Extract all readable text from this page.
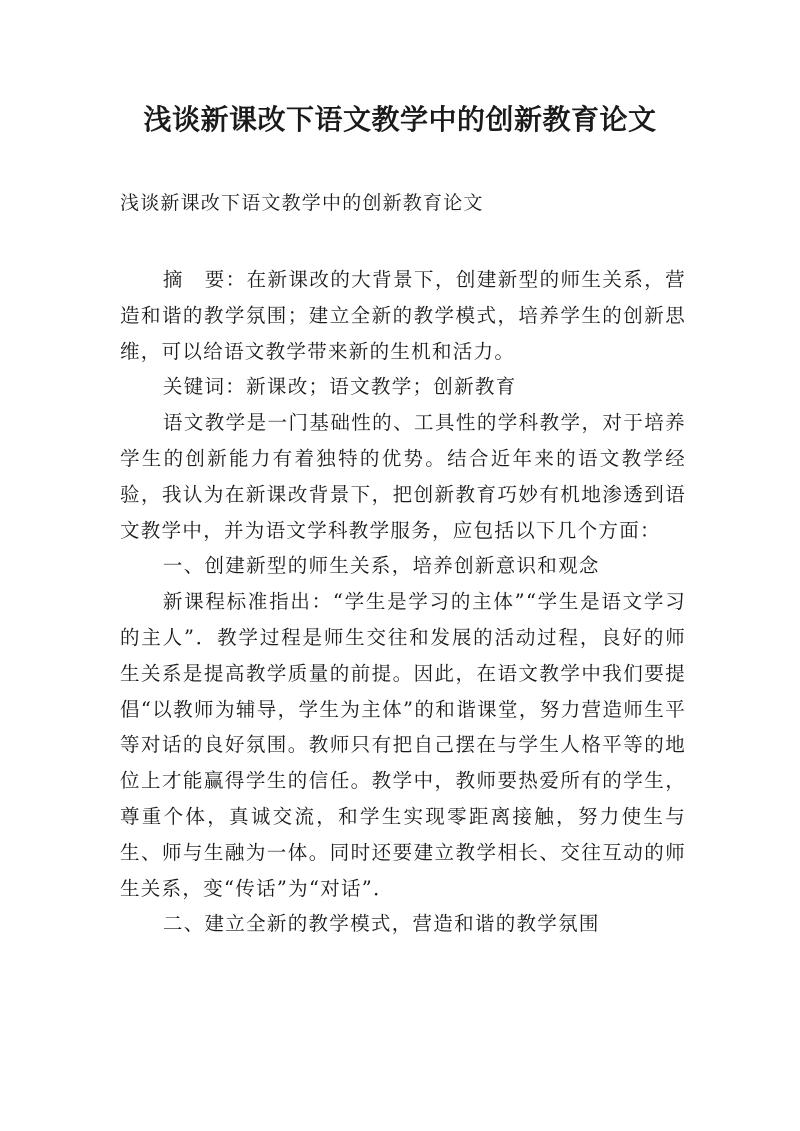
浅谈新课改下语文教学中的创新教育论文

浅谈新课改下语文教学中的创新教育论文

摘　要：在新课改的大背景下，创建新型的师生关系，营造和谐的教学氛围；建立全新的教学模式，培养学生的创新思维，可以给语文教学带来新的生机和活力。

关键词：新课改；语文教学；创新教育

语文教学是一门基础性的、工具性的学科教学，对于培养学生的创新能力有着独特的优势。结合近年来的语文教学经验，我认为在新课改背景下，把创新教育巧妙有机地渗透到语文教学中，并为语文学科教学服务，应包括以下几个方面：

一、创建新型的师生关系，培养创新意识和观念

新课程标准指出：“学生是学习的主体”“学生是语文学习的主人”．教学过程是师生交往和发展的活动过程，良好的师生关系是提高教学质量的前提。因此，在语文教学中我们要提倡“以教师为辅导，学生为主体”的和谐课堂，努力营造师生平等对话的良好氛围。教师只有把自己摆在与学生人格平等的地位上才能赢得学生的信任。教学中，教师要热爱所有的学生，尊重个体，真诚交流，和学生实现零距离接触，努力使生与生、师与生融为一体。同时还要建立教学相长、交往互动的师生关系，变“传话”为“对话”．

二、建立全新的教学模式，营造和谐的教学氛围
